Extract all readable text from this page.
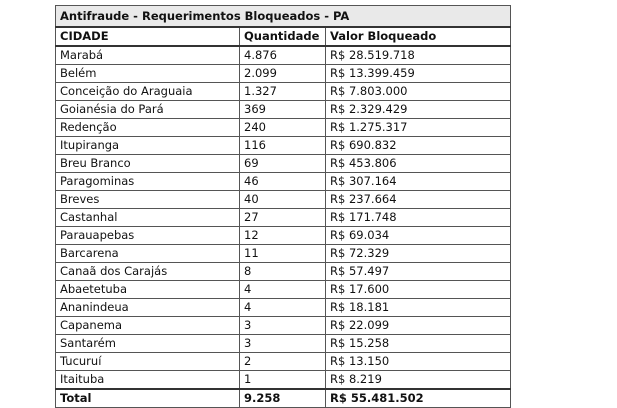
Antifraude - Requerimentos Bloqueados - PA		
CIDADE	Quantidade	Valor Bloqueado
Marabá	4.876	R$ 28.519.718
Belém	2.099	R$ 13.399.459
Conceição do Araguaia	1.327	R$ 7.803.000
Goianésia do Pará	369	R$ 2.329.429
Redenção	240	R$ 1.275.317
Itupiranga	116	R$ 690.832
Breu Branco	69	R$ 453.806
Paragominas	46	R$ 307.164
Breves	40	R$ 237.664
Castanhal	27	R$ 171.748
Parauapebas	12	R$ 69.034
Barcarena	11	R$ 72.329
Canaã dos Carajás	8	R$ 57.497
Abaetetuba	4	R$ 17.600
Ananindeua	4	R$ 18.181
Capanema	3	R$ 22.099
Santarém	3	R$ 15.258
Tucuruí	2	R$ 13.150
Itaituba	1	R$ 8.219
Total	9.258	R$ 55.481.502
